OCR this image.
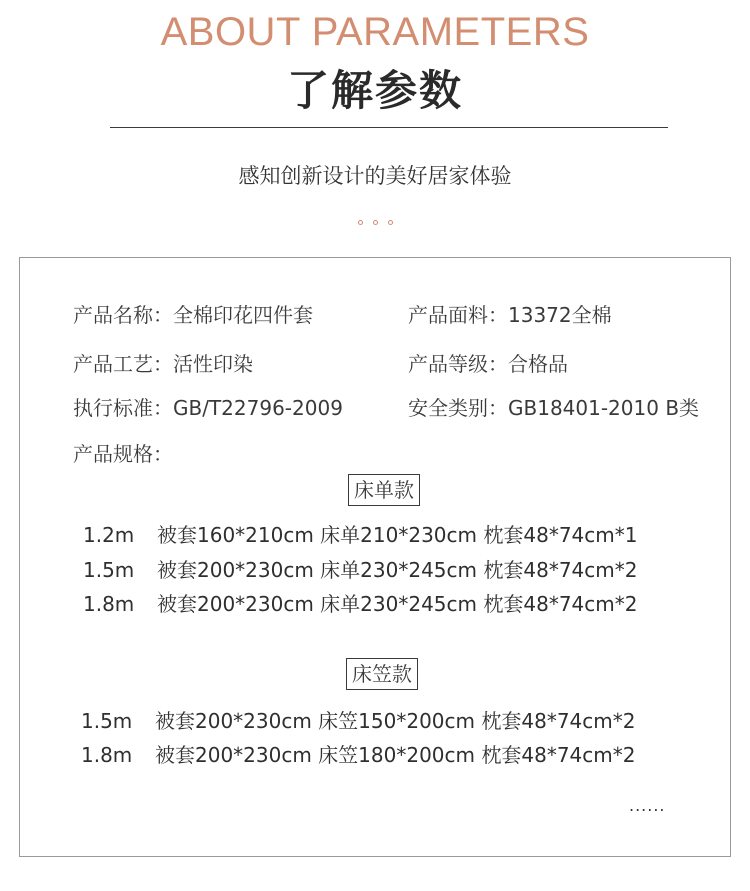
ABOUT PARAMETERS
了解参数
感知创新设计的美好居家体验
产品名称：全棉印花四件套	产品面料：13372全棉
产品工艺：活性印染	产品等级：合格品
执行标准：GB/T22796-2009	安全类别：GB18401-2010 B类
产品规格：
床单款
1.2m 被套160*210cm 床单210*230cm 枕套48*74cm*1
1.5m 被套200*230cm 床单230*245cm 枕套48*74cm*2
1.8m 被套200*230cm 床单230*245cm 枕套48*74cm*2
床笠款
1.5m 被套200*230cm 床笠150*200cm 枕套48*74cm*2
1.8m 被套200*230cm 床笠180*200cm 枕套48*74cm*2
......
